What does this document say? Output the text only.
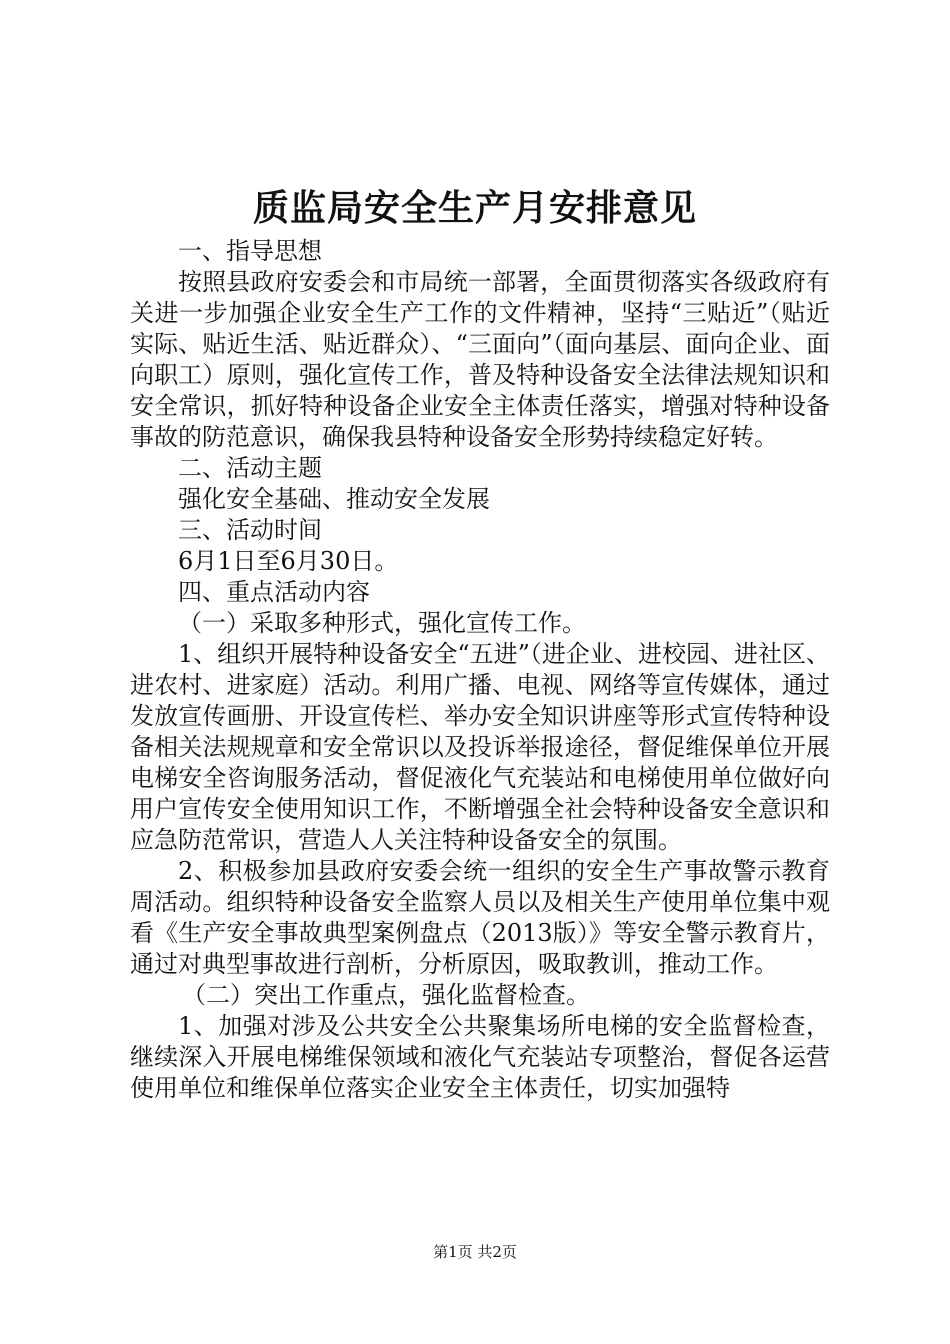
质监局安全生产月安排意见

一、指导思想

按照县政府安委会和市局统一部署，全面贯彻落实各级政府有关进一步加强企业安全生产工作的文件精神，坚持“三贴近”（贴近实际、贴近生活、贴近群众）、“三面向”（面向基层、面向企业、面向职工）原则，强化宣传工作，普及特种设备安全法律法规知识和安全常识，抓好特种设备企业安全主体责任落实，增强对特种设备事故的防范意识，确保我县特种设备安全形势持续稳定好转。

二、活动主题

强化安全基础、推动安全发展

三、活动时间

6月1日至6月30日。

四、重点活动内容

（一）采取多种形式，强化宣传工作。

1、组织开展特种设备安全“五进”（进企业、进校园、进社区、进农村、进家庭）活动。利用广播、电视、网络等宣传媒体，通过发放宣传画册、开设宣传栏、举办安全知识讲座等形式宣传特种设备相关法规规章和安全常识以及投诉举报途径，督促维保单位开展电梯安全咨询服务活动，督促液化气充装站和电梯使用单位做好向用户宣传安全使用知识工作，不断增强全社会特种设备安全意识和应急防范常识，营造人人关注特种设备安全的氛围。

2、积极参加县政府安委会统一组织的安全生产事故警示教育周活动。组织特种设备安全监察人员以及相关生产使用单位集中观看《生产安全事故典型案例盘点（2013版）》等安全警示教育片，通过对典型事故进行剖析，分析原因，吸取教训，推动工作。

（二）突出工作重点，强化监督检查。

1、加强对涉及公共安全公共聚集场所电梯的安全监督检查，继续深入开展电梯维保领域和液化气充装站专项整治，督促各运营使用单位和维保单位落实企业安全主体责任，切实加强特

第1页 共2页
